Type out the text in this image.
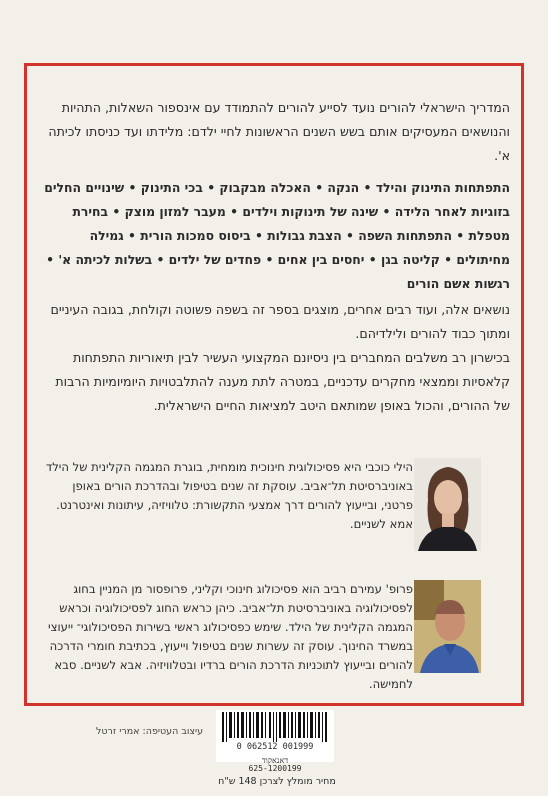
המדריך הישראלי להורים נועד לסייע להורים להתמודד עם אינספור השאלות, התהיות והנושאים המעסיקים אותם בשש השנים הראשונות לחיי ילדם: מלידתו ועד כניסתו לכיתה א'.
התפתחות התינוק והילד • הנקה • האכלה מבקבוק • בכי התינוק • שינויים החלים בזוגיות לאחר הלידה • שינה של תינוקות וילדים • מעבר למזון מוצק • בחירת מטפלת • התפתחות השפה • הצבת גבולות • ביסוס סמכות הורית • גמילה מחיתולים • קליטה בגן • יחסים בין אחים • פחדים של ילדים • בשלות לכיתה א' • רגשות אשם הורים
נושאים אלה, ועוד רבים אחרים, מוצגים בספר זה בשפה פשוטה וקולחת, בגובה העיניים ומתוך כבוד להורים ולילדיהם.
בכישרון רב משלבים המחברים בין ניסיונם המקצועי העשיר לבין תיאוריות התפתחות קלאסיות וממצאי מחקרים עדכניים, במטרה לתת מענה להתלבטויות היומיומיות הרבות של ההורים, והכול באופן שמותאם היטב למציאות החיים הישראלית.
הילי כוכבי היא פסיכולוגית חינוכית מומחית, בוגרת המגמה הקלינית של הילד באוניברסיטת תל־אביב. עוסקת זה שנים בטיפול ובהדרכת הורים באופן פרטני, ובייעוץ להורים דרך אמצעי התקשורת: טלוויזיה, עיתונות ואינטרנט. אמא לשניים.
פרופ' עמירם רביב הוא פסיכולוג חינוכי וקליני, פרופסור מן המניין בחוג לפסיכולוגיה באוניברסיטת תל־אביב. כיהן כראש החוג לפסיכולוגיה וכראש המגמה הקלינית של הילד. שימש כפסיכולוג ראשי בשירות הפסיכולוגי־ ייעוצי במשרד החינוך. עוסק זה עשרות שנים בטיפול וייעוץ, בכתיבת חומרי הדרכה להורים ובייעוץ לתוכניות הדרכת הורים ברדיו ובטלוויזיה. אבא לשניים. סבא לחמישה.
עיצוב העטיפה: אמרי זרטל
0 062512 001999
דאנאקוד
625-1200199
מחיר מומלץ לצרכן 148 ש"ח
